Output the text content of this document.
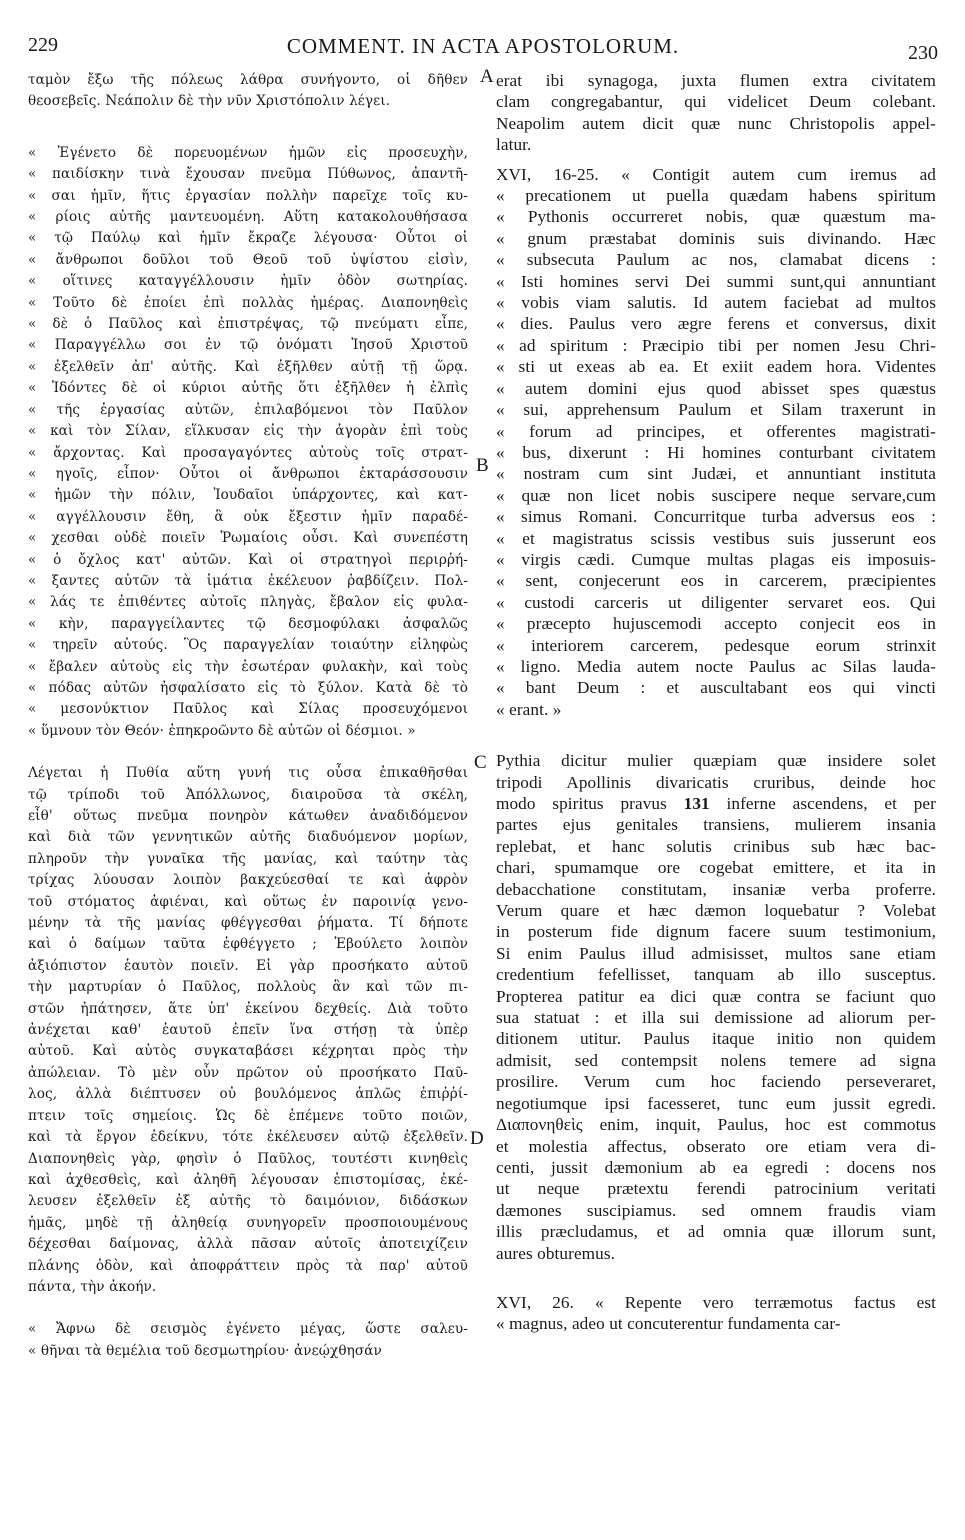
229	COMMENT. IN ACTA APOSTOLORUM.	230
A
B
C
D
ταμὸν ἔξω τῆς πόλεως λάθρα συνήγοντο, οἱ δῆθεν
θεοσεβεῖς. Νεάπολιν δὲ τὴν νῦν Χριστόπολιν λέγει.
« Ἐγένετο δὲ πορευομένων ἡμῶν εἰς προσευχὴν,
« παιδίσκην τινὰ ἔχουσαν πνεῦμα Πύθωνος, ἀπαντῆ-
« σαι ἡμῖν, ἥτις ἐργασίαν πολλὴν παρεῖχε τοῖς κυ-
« ρίοις αὐτῆς μαντευομένη. Αὕτη κατακολουθήσασα
« τῷ Παύλῳ καὶ ἡμῖν ἔκραζε λέγουσα· Οὗτοι οἱ
« ἄνθρωποι δοῦλοι τοῦ Θεοῦ τοῦ ὑψίστου εἰσὶν,
« οἵτινες καταγγέλλουσιν ἡμῖν ὁδὸν σωτηρίας.
« Τοῦτο δὲ ἐποίει ἐπὶ πολλὰς ἡμέρας. Διαπονηθεὶς
« δὲ ὁ Παῦλος καὶ ἐπιστρέψας, τῷ πνεύματι εἶπε,
« Παραγγέλλω σοι ἐν τῷ ὀνόματι Ἰησοῦ Χριστοῦ
« ἐξελθεῖν ἀπ' αὐτῆς. Καὶ ἐξῆλθεν αὐτῇ τῇ ὥρᾳ.
« Ἰδόντες δὲ οἱ κύριοι αὐτῆς ὅτι ἐξῆλθεν ἡ ἐλπὶς
« τῆς ἐργασίας αὐτῶν, ἐπιλαβόμενοι τὸν Παῦλον
« καὶ τὸν Σίλαν, εἵλκυσαν εἰς τὴν ἀγορὰν ἐπὶ τοὺς
« ἄρχοντας. Καὶ προσαγαγόντες αὐτοὺς τοῖς στρατ-
« ηγοῖς, εἶπον· Οὗτοι οἱ ἄνθρωποι ἐκταράσσουσιν
« ἡμῶν τὴν πόλιν, Ἰουδαῖοι ὑπάρχοντες, καὶ κατ-
« αγγέλλουσιν ἔθη, ἃ οὐκ ἔξεστιν ἡμῖν παραδέ-
« χεσθαι οὐδὲ ποιεῖν Ῥωμαίοις οὖσι. Καὶ συνεπέστη
« ὁ ὄχλος κατ' αὐτῶν. Καὶ οἱ στρατηγοὶ περιρῥή-
« ξαντες αὐτῶν τὰ ἱμάτια ἐκέλευον ῥαβδίζειν. Πολ-
« λάς τε ἐπιθέντες αὐτοῖς πληγὰς, ἔβαλον εἰς φυλα-
« κὴν, παραγγείλαντες τῷ δεσμοφύλακι ἀσφαλῶς
« τηρεῖν αὐτούς. Ὃς παραγγελίαν τοιαύτην εἰληφὼς
« ἔβαλεν αὐτοὺς εἰς τὴν ἐσωτέραν φυλακὴν, καὶ τοὺς
« πόδας αὐτῶν ἠσφαλίσατο εἰς τὸ ξύλον. Κατὰ δὲ τὸ
« μεσονύκτιον Παῦλος καὶ Σίλας προσευχόμενοι
« ὕμνουν τὸν Θεόν· ἐπηκροῶντο δὲ αὐτῶν οἱ δέσμιοι. »
Λέγεται ἡ Πυθία αὕτη γυνή τις οὖσα ἐπικαθῆσθαι
τῷ τρίποδι τοῦ Ἀπόλλωνος, διαιροῦσα τὰ σκέλη,
εἶθ' οὕτως πνεῦμα πονηρὸν κάτωθεν ἀναδιδόμενον
καὶ διὰ τῶν γεννητικῶν αὐτῆς διαδυόμενον μορίων,
πληροῦν τὴν γυναῖκα τῆς μανίας, καὶ ταύτην τὰς
τρίχας λύουσαν λοιπὸν βακχεύεσθαί τε καὶ ἀφρὸν
τοῦ στόματος ἀφιέναι, καὶ οὕτως ἐν παροινίᾳ γενο-
μένην τὰ τῆς μανίας φθέγγεσθαι ῥήματα. Τί δήποτε
καὶ ὁ δαίμων ταῦτα ἐφθέγγετο ; Ἐβούλετο λοιπὸν
ἀξιόπιστον ἑαυτὸν ποιεῖν. Εἰ γὰρ προσήκατο αὐτοῦ
τὴν μαρτυρίαν ὁ Παῦλος, πολλοὺς ἂν καὶ τῶν πι-
στῶν ἠπάτησεν, ἅτε ὑπ' ἐκείνου δεχθείς. Διὰ τοῦτο
ἀνέχεται καθ' ἑαυτοῦ ἐπεῖν ἵνα στήσῃ τὰ ὑπὲρ
αὐτοῦ. Καὶ αὐτὸς συγκαταβάσει κέχρηται πρὸς τὴν
ἀπώλειαν. Τὸ μὲν οὖν πρῶτον οὐ προσήκατο Παῦ-
λος, ἀλλὰ διέπτυσεν οὐ βουλόμενος ἁπλῶς ἐπιῤῥί-
πτειν τοῖς σημείοις. Ὡς δὲ ἐπέμενε τοῦτο ποιῶν,
καὶ τὰ ἔργον ἐδείκνυ, τότε ἐκέλευσεν αὐτῷ ἐξελθεῖν.
Διαπονηθεὶς γὰρ, φησὶν ὁ Παῦλος, τουτέστι κινηθεὶς
καὶ ἀχθεσθεὶς, καὶ ἀληθῆ λέγουσαν ἐπιστομίσας, ἐκέ-
λευσεν ἐξελθεῖν ἐξ αὐτῆς τὸ δαιμόνιον, διδάσκων
ἡμᾶς, μηδὲ τῇ ἀληθείᾳ συνηγορεῖν προσποιουμένους
δέχεσθαι δαίμονας, ἀλλὰ πᾶσαν αὐτοῖς ἀποτειχίζειν
πλάνης ὁδὸν, καὶ ἀποφράττειν πρὸς τὰ παρ' αὐτοῦ
πάντα, τὴν ἀκοήν.
« Ἄφνω δὲ σεισμὸς ἐγένετο μέγας, ὥστε σαλευ-
« θῆναι τὰ θεμέλια τοῦ δεσμωτηρίου· ἀνεῴχθησάν
erat ibi synagoga, juxta flumen extra civitatem
clam congregabantur, qui videlicet Deum colebant.
Neapolim autem dicit quæ nunc Christopolis appel-
latur.
XVI, 16-25. « Contigit autem cum iremus ad
« precationem ut puella quædam habens spiritum
« Pythonis occurreret nobis, quæ quæstum ma-
« gnum præstabat dominis suis divinando. Hæc
« subsecuta Paulum ac nos, clamabat dicens :
« Isti homines servi Dei summi sunt,qui annuntiant
« vobis viam salutis. Id autem faciebat ad multos
« dies. Paulus vero ægre ferens et conversus, dixit
« ad spiritum : Præcipio tibi per nomen Jesu Chri-
« sti ut exeas ab ea. Et exiit eadem hora. Videntes
« autem domini ejus quod abisset spes quæstus
« sui, apprehensum Paulum et Silam traxerunt in
« forum ad principes, et offerentes magistrati-
« bus, dixerunt : Hi homines conturbant civitatem
« nostram cum sint Judæi, et annuntiant instituta
« quæ non licet nobis suscipere neque servare,cum
« simus Romani. Concurritque turba adversus eos :
« et magistratus scissis vestibus suis jusserunt eos
« virgis cædi. Cumque multas plagas eis imposuis-
« sent, conjecerunt eos in carcerem, præcipientes
« custodi carceris ut diligenter servaret eos. Qui
« præcepto hujuscemodi accepto conjecit eos in
« interiorem carcerem, pedesque eorum strinxit
« ligno. Media autem nocte Paulus ac Silas lauda-
« bant Deum : et auscultabant eos qui vincti
« erant. »
Pythia dicitur mulier quæpiam quæ insidere solet
tripodi Apollinis divaricatis cruribus, deinde hoc
modo spiritus pravus 131 inferne ascendens, et per
partes ejus genitales transiens, mulierem insania
replebat, et hanc solutis crinibus sub hæc bac-
chari, spumamque ore cogebat emittere, et ita in
debacchatione constitutam, insaniæ verba proferre.
Verum quare et hæc dæmon loquebatur ? Volebat
in posterum fide dignum facere suum testimonium,
Si enim Paulus illud admisisset, multos sane etiam
credentium fefellisset, tanquam ab illo susceptus.
Propterea patitur ea dici quæ contra se faciunt quo
sua statuat : et illa sui demissione ad aliorum per-
ditionem utitur. Paulus itaque initio non quidem
admisit, sed contempsit nolens temere ad signa
prosilire. Verum cum hoc faciendo perseveraret,
negotiumque ipsi facesseret, tunc eum jussit egredi.
Διαπονηθεὶς enim, inquit, Paulus, hoc est commotus
et molestia affectus, obserato ore etiam vera di-
centi, jussit dæmonium ab ea egredi : docens nos
ut neque prætextu ferendi patrocinium veritati
dæmones suscipiamus. sed omnem fraudis viam
illis præcludamus, et ad omnia quæ illorum sunt,
aures obturemus.
XVI, 26. « Repente vero terræmotus factus est
« magnus, adeo ut concuterentur fundamenta car-
